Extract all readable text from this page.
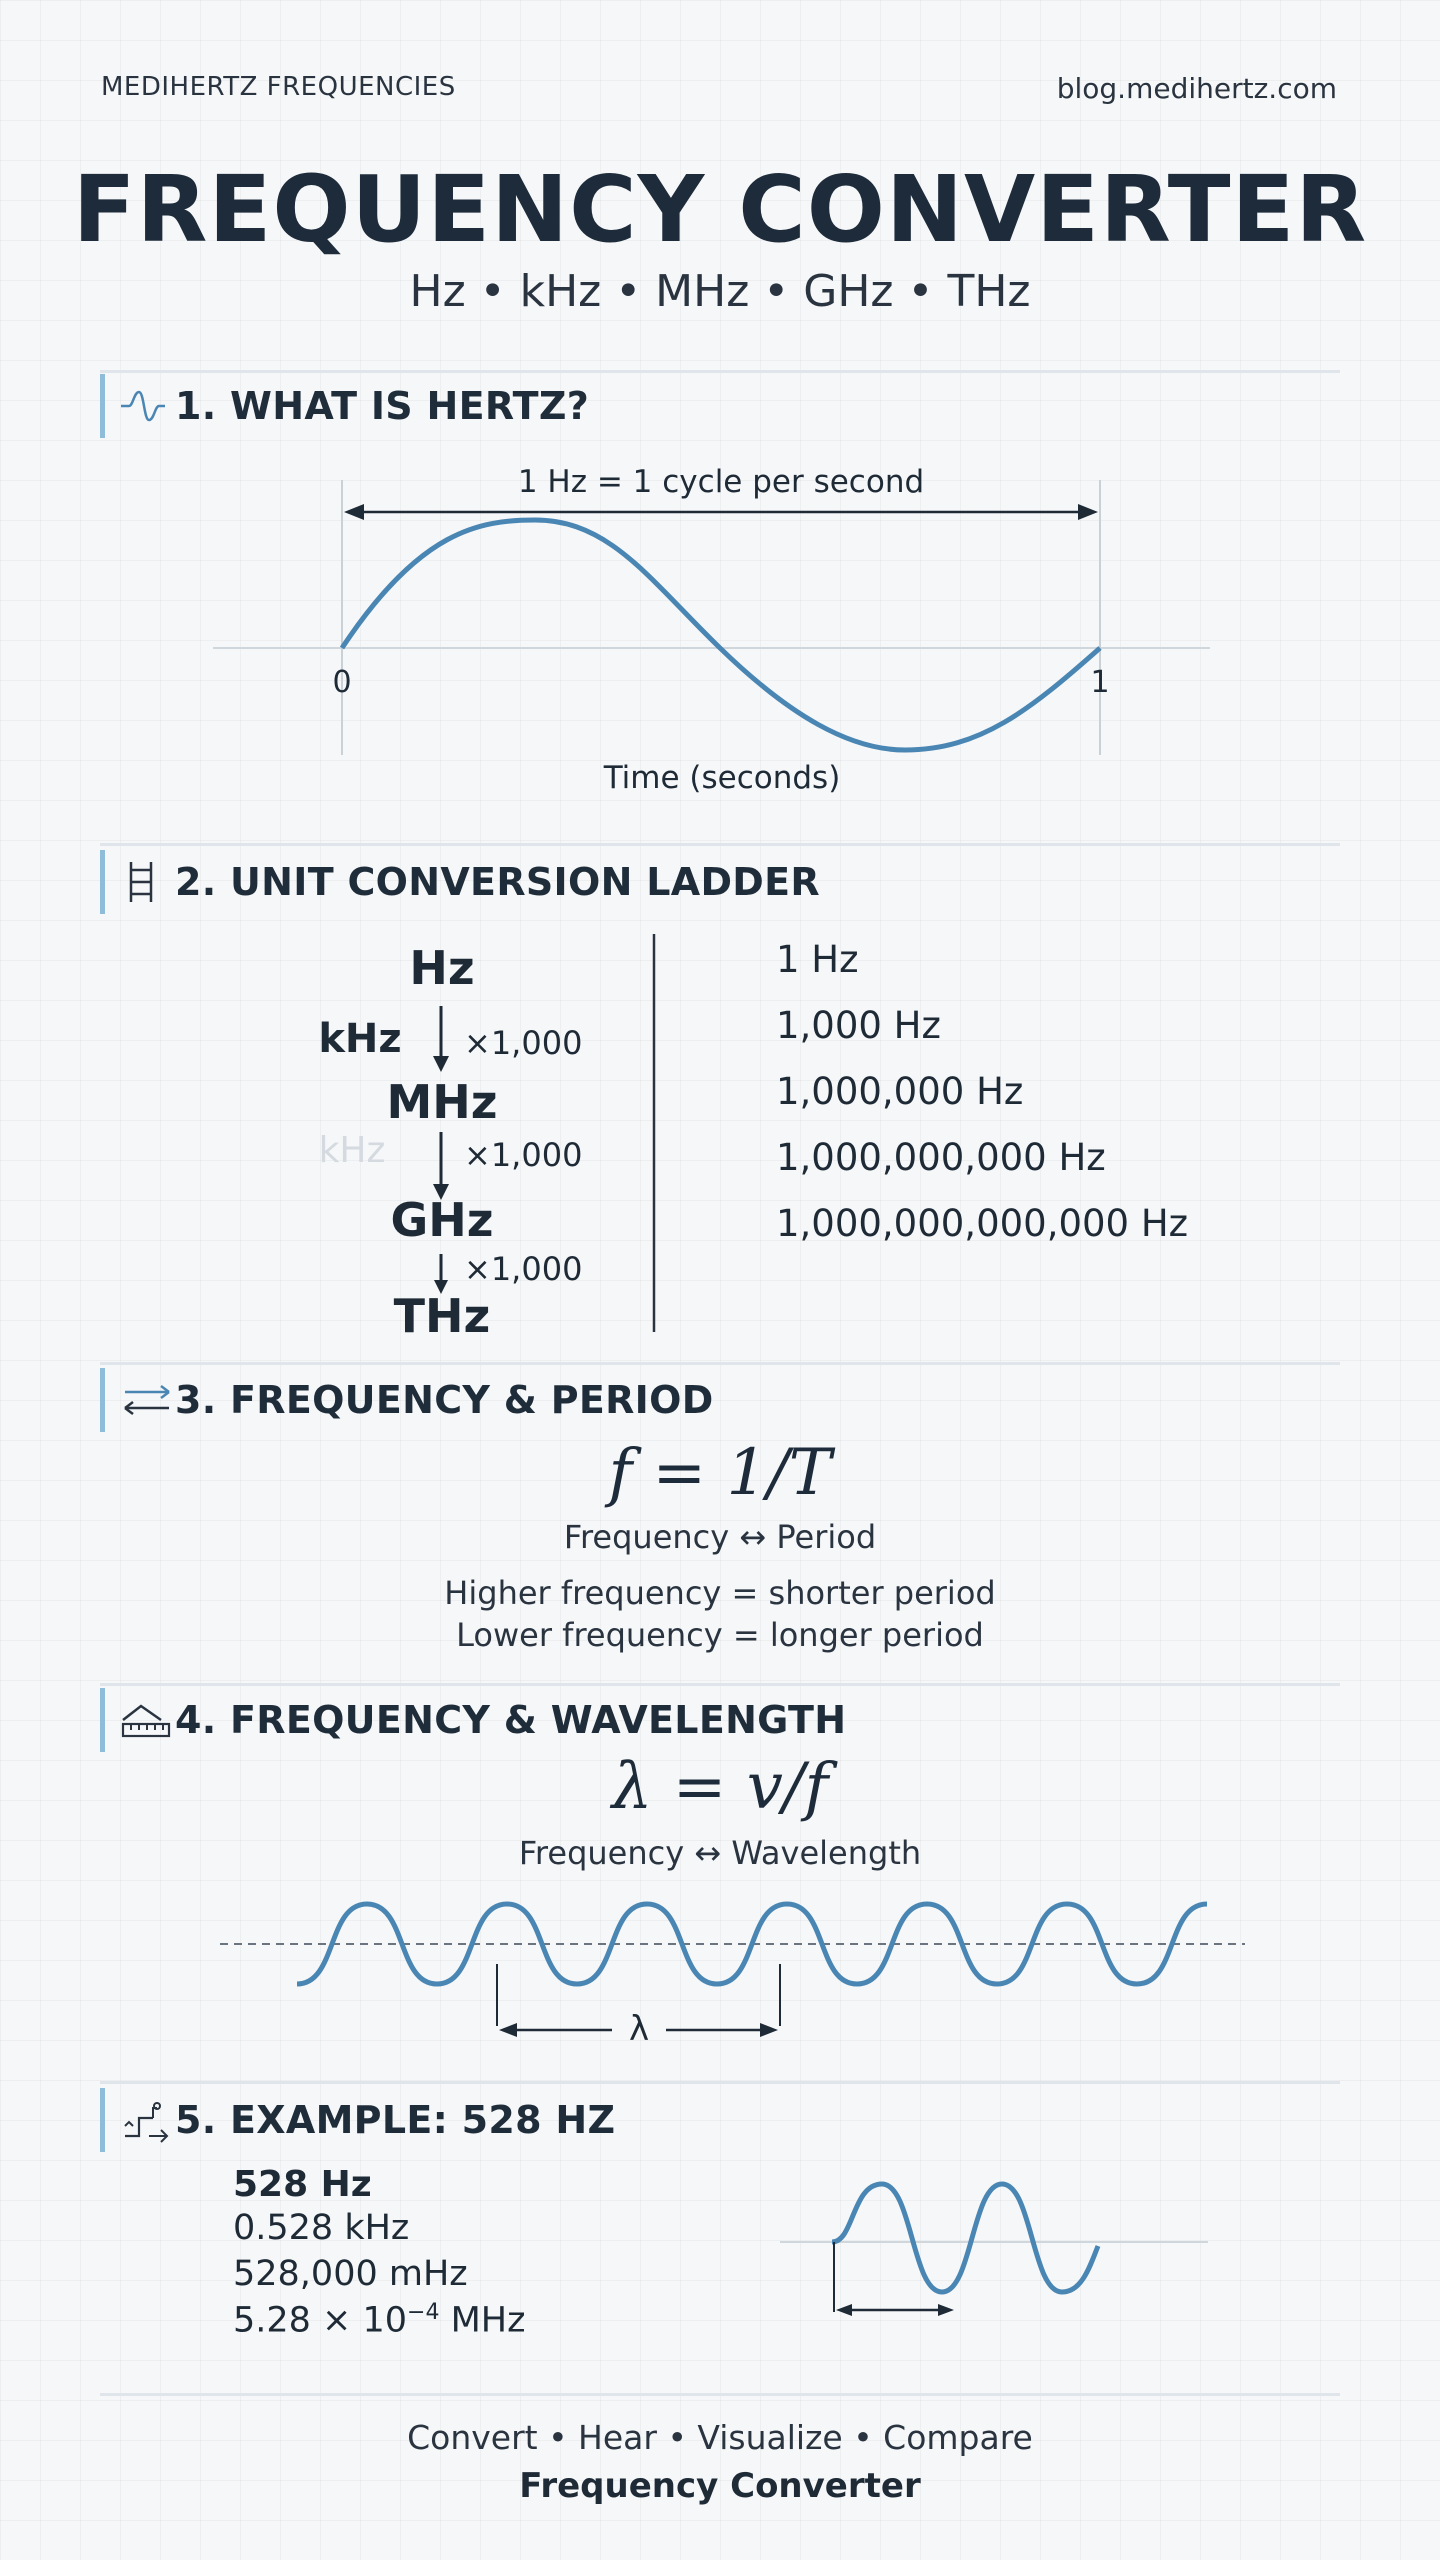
MEDIHERTZ FREQUENCIES	blog.medihertz.com
FREQUENCY CONVERTER
Hz • kHz • MHz • GHz • THz
1. WHAT IS HERTZ?
1 Hz = 1 cycle per second
0	1
Time (seconds)
2. UNIT CONVERSION LADDER
Hz
kHz ×1,000
MHz
kHz ×1,000
GHz
×1,000
THz
1 Hz
1,000 Hz
1,000,000 Hz
1,000,000,000 Hz
1,000,000,000,000 Hz
3. FREQUENCY & PERIOD
f = 1/T
Frequency ↔ Period
Higher frequency = shorter period
Lower frequency = longer period
4. FREQUENCY & WAVELENGTH
λ = v/f
Frequency ↔ Wavelength
λ
5. EXAMPLE: 528 HZ
528 Hz
0.528 kHz
528,000 mHz
$5.28 \times 10^{-4}$ MHz
Convert • Hear • Visualize • Compare
Frequency Converter
